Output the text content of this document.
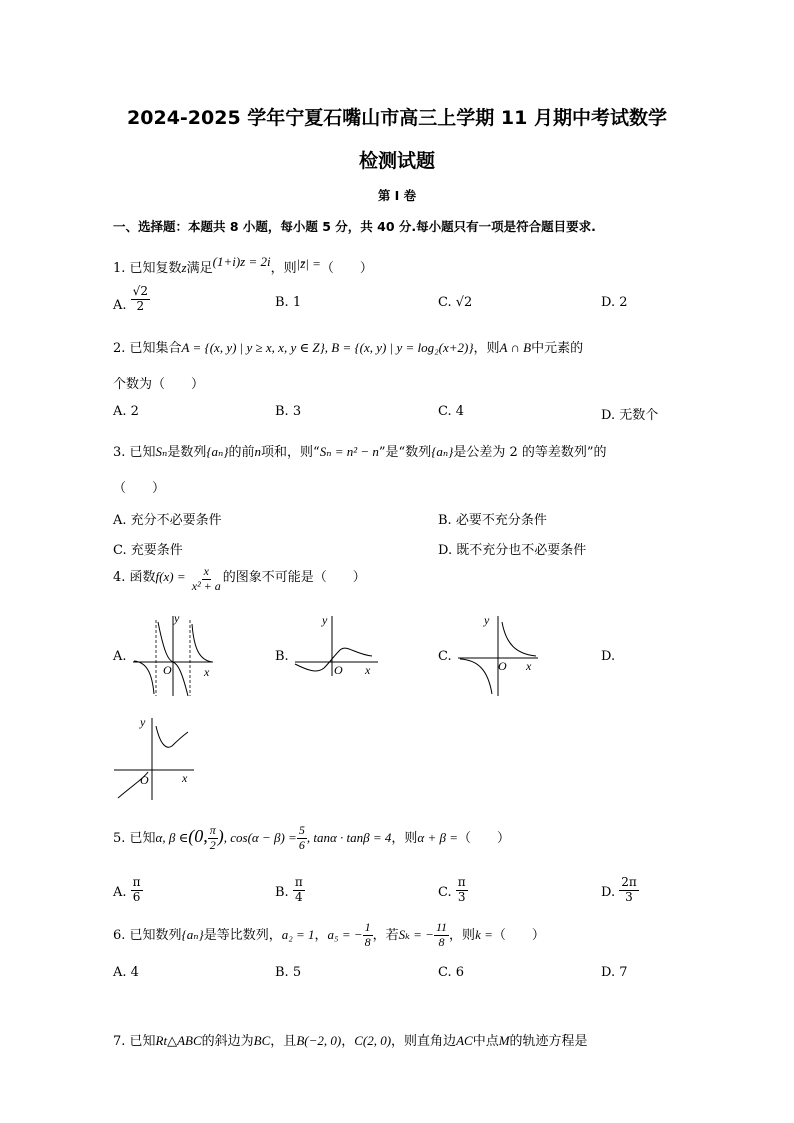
2024-2025 学年宁夏石嘴山市高三上学期 11 月期中考试数学
检测试题
第 I 卷
一、选择题：本题共 8 小题，每小题 5 分，共 40 分.每小题只有一项是符合题目要求.
1. 已知复数z满足(1+i)z = 2i，则|z̄| =（　　）
A. $\frac{√2}{2}$	B. 1	C. √2	D. 2
2. 已知集合A = {(x, y) | y ≥ x, x, y ∈ Z}, B = {(x, y) | y = log₂(x+2)}，则A ∩ B中元素的
个数为（　　）
A. 2	B. 3	C. 4	D. 无数个
3. 已知Sₙ是数列{aₙ}的前n项和，则“Sₙ = n² − n”是“数列{aₙ}是公差为 2 的等差数列”的
（　　）
A. 充分不必要条件	B. 必要不充分条件
C. 充要条件	D. 既不充分也不必要条件
4. 函数$f(x) = \frac{x}{\text{x² + a}}$ 的图象不可能是（　　）
A.	B.	C.	D.
y
x
O
y
x
O
y
x
O
y
x
O
5. 已知α, β ∈(0, $\frac{\pi}{2}$ ), $\cos(\alpha - \beta) = \frac{5}{6}$ , tanα · tanβ = 4，则α + β =（　　）
A. $\frac{\pi}{6}$	B. $\frac{\pi}{4}$	C. $\frac{\pi}{3}$	D. $\frac{2\pi}{3}$
6. 已知数列{aₙ}是等比数列，a₂ = 1，a₅ = − $\frac{1}{8}$ ，若Sₖ = − $\frac{11}{8}$ ，则k =（　　）
A. 4	B. 5	C. 6	D. 7
7. 已知Rt△ABC的斜边为BC，且B(−2, 0)，C(2, 0)，则直角边AC中点M的轨迹方程是
